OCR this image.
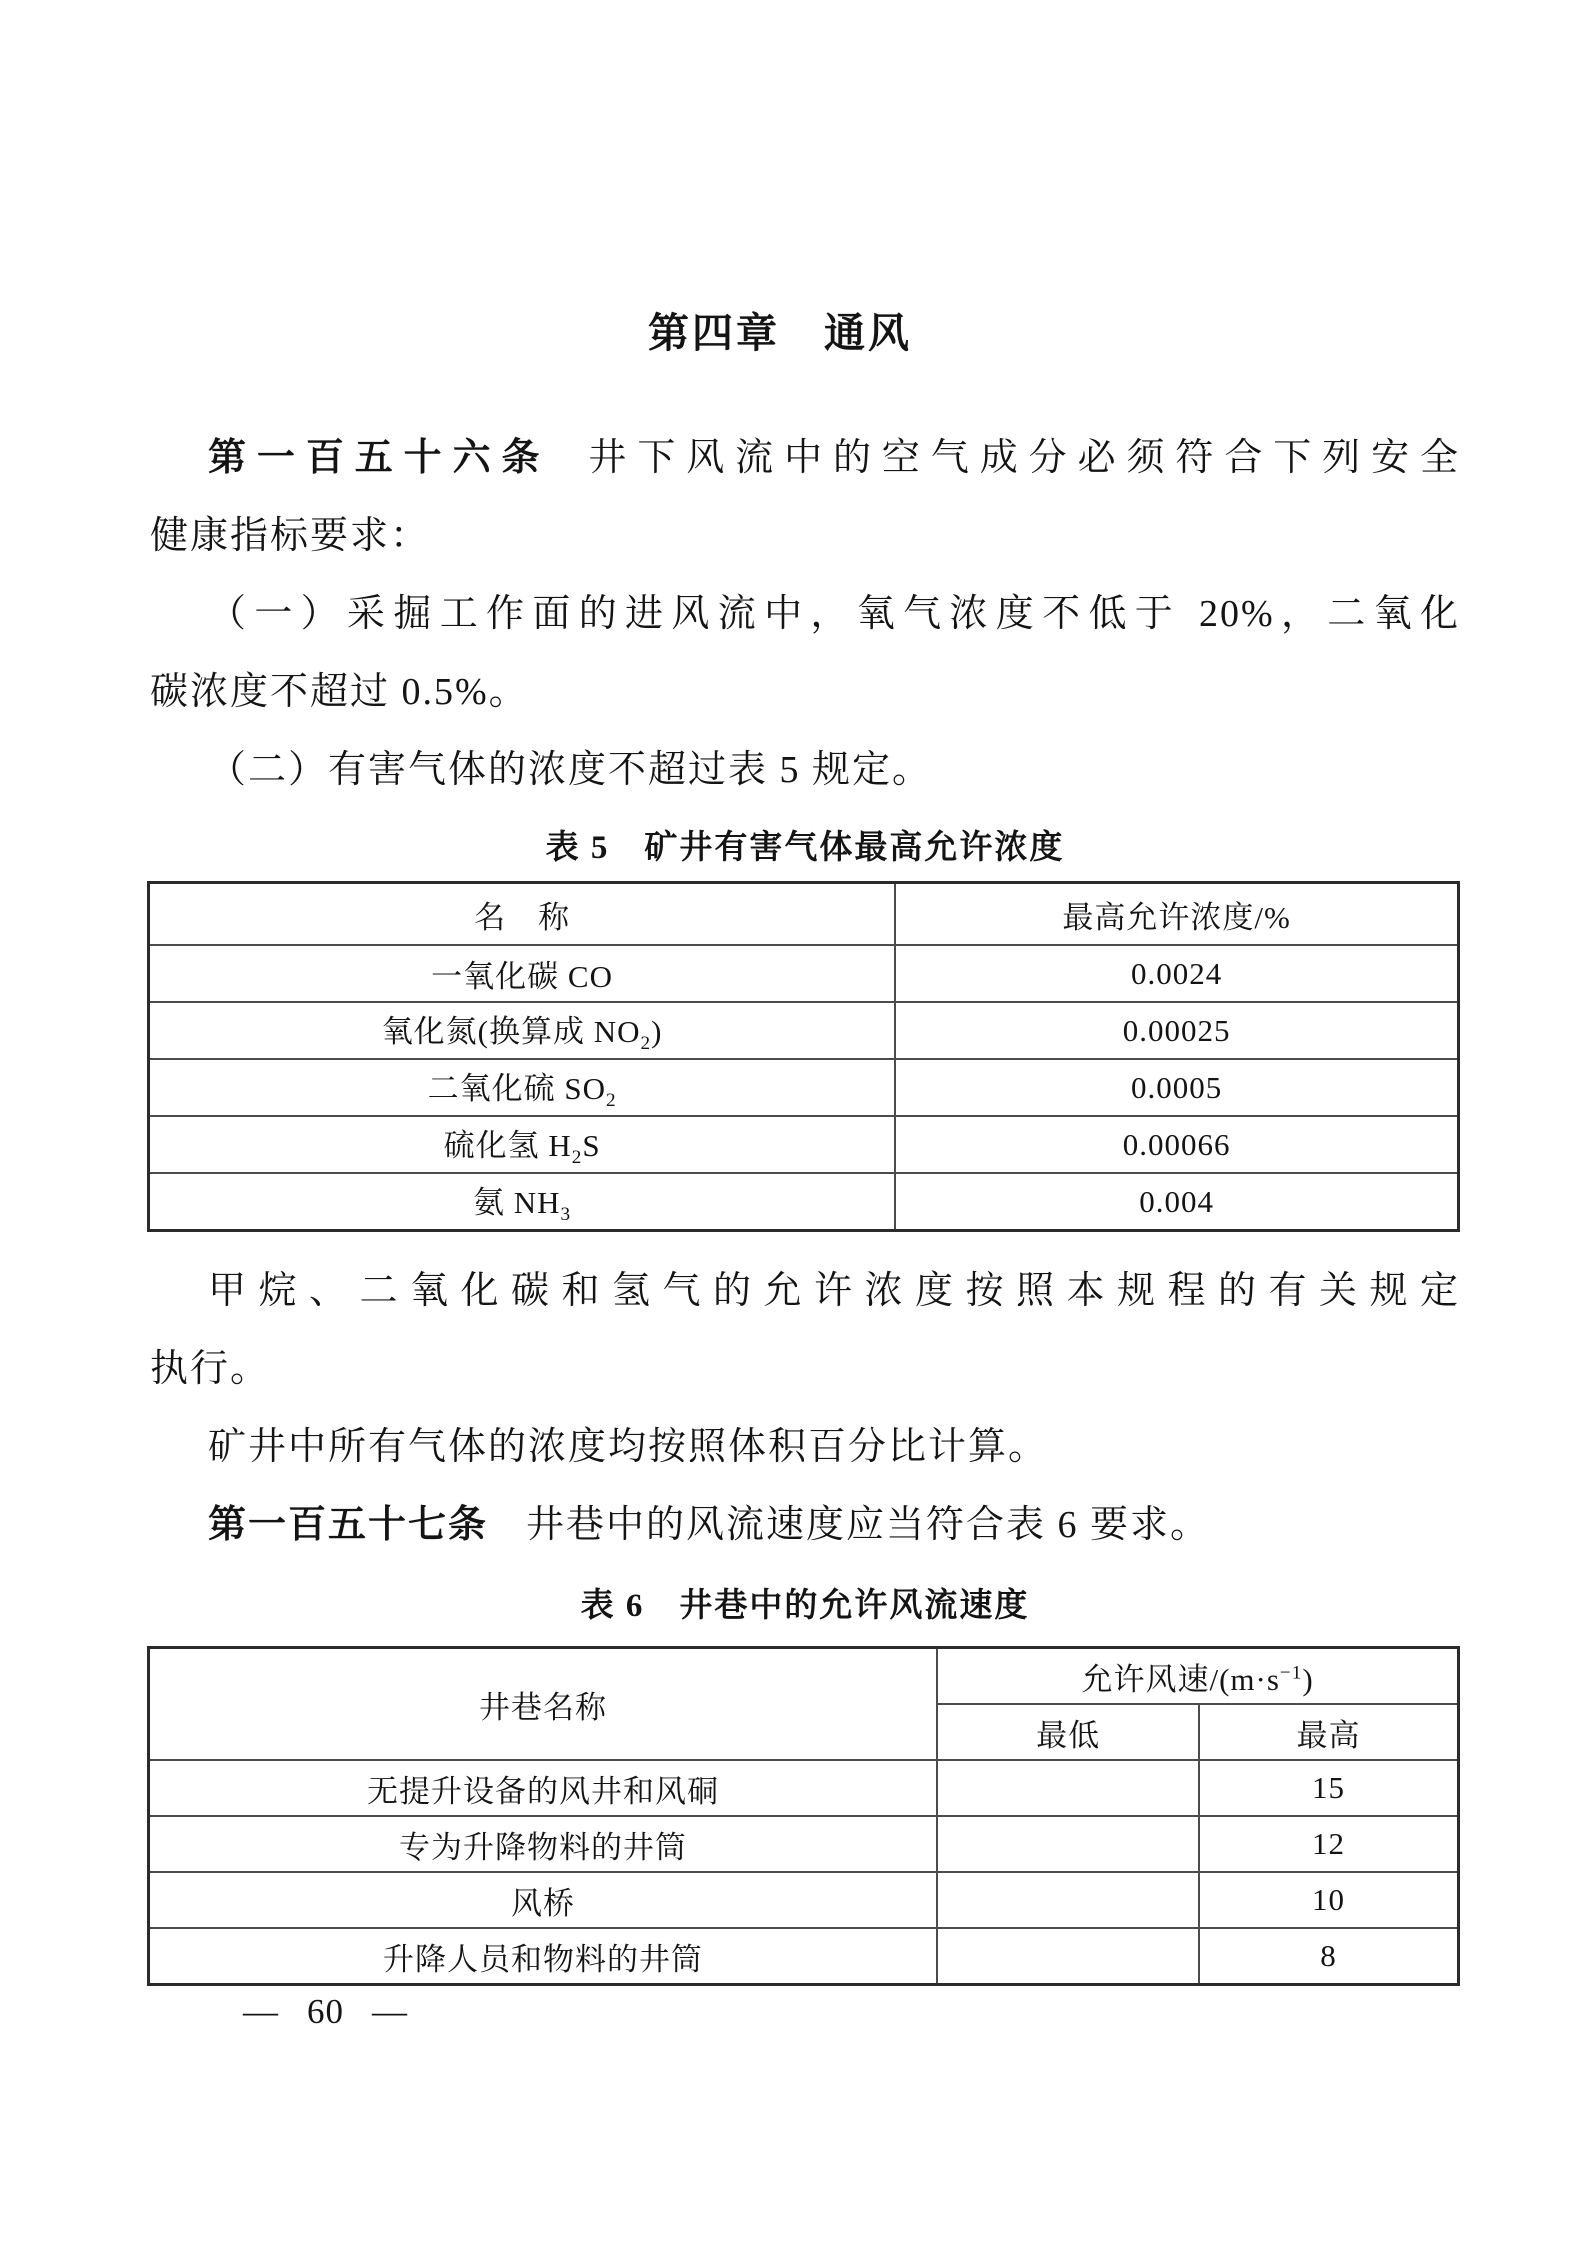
第四章　通风
第一百五十六条 井下风流中的空气成分必须符合下列安全
健康指标要求：
（一）采掘工作面的进风流中，氧气浓度不低于 20%，二氧化
碳浓度不超过 0.5%。
（二）有害气体的浓度不超过表 5 规定。
表 5　矿井有害气体最高允许浓度
名　称	最高允许浓度/%
一氧化碳 CO	0.0024
氧化氮(换算成 $NO_2$)	0.00025
二氧化硫 $SO_2$	0.0005
硫化氢 $H_2S$	0.00066
氨 $NH_3$	0.004
甲烷、二氧化碳和氢气的允许浓度按照本规程的有关规定
执行。
矿井中所有气体的浓度均按照体积百分比计算。
第一百五十七条 井巷中的风流速度应当符合表 6 要求。
表 6　井巷中的允许风流速度
井巷名称	允许风速$/(m\cdot s^{-1})$	
	最低	最高
无提升设备的风井和风硐		15
专为升降物料的井筒		12
风桥		10
升降人员和物料的井筒		8
— 60 —
